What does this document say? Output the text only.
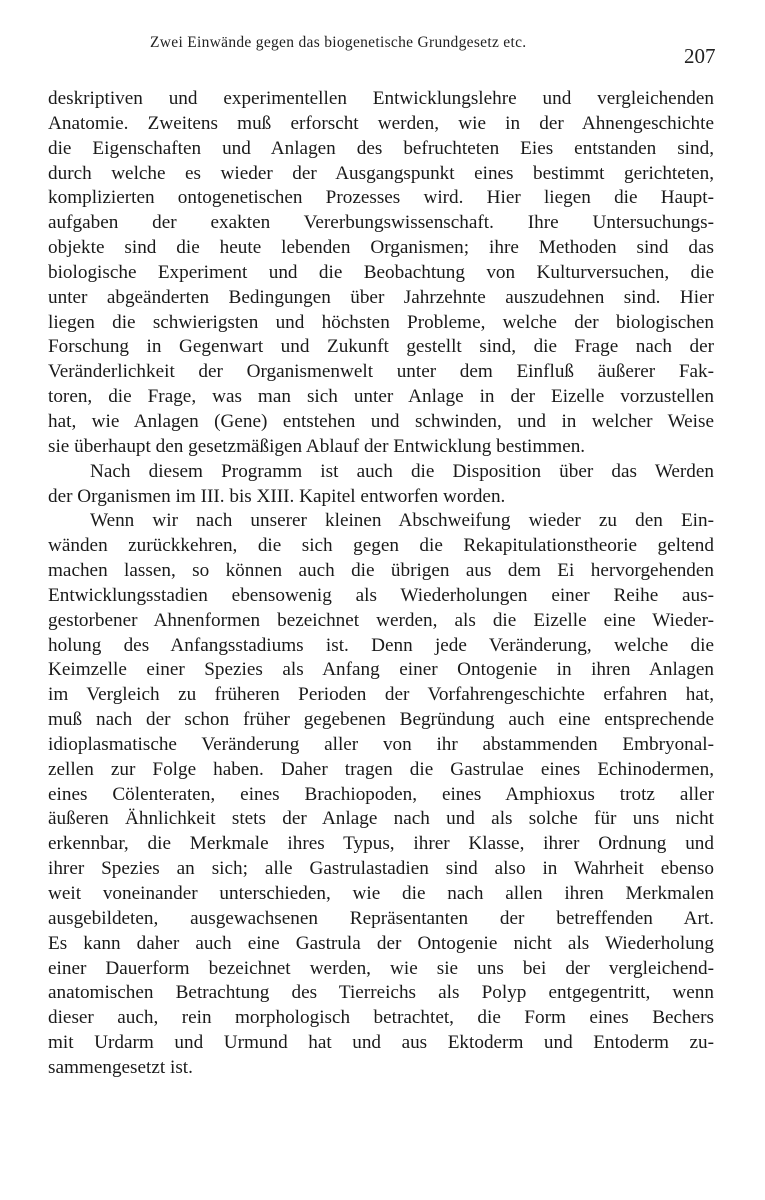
Zwei Einwände gegen das biogenetische Grundgesetz etc.
207
deskriptiven und experimentellen Entwicklungslehre und vergleichenden
Anatomie. Zweitens muß erforscht werden, wie in der Ahnengeschichte
die Eigenschaften und Anlagen des befruchteten Eies entstanden sind,
durch welche es wieder der Ausgangspunkt eines bestimmt gerichteten,
komplizierten ontogenetischen Prozesses wird. Hier liegen die Haupt-
aufgaben der exakten Vererbungswissenschaft. Ihre Untersuchungs-
objekte sind die heute lebenden Organismen; ihre Methoden sind das
biologische Experiment und die Beobachtung von Kulturversuchen, die
unter abgeänderten Bedingungen über Jahrzehnte auszudehnen sind. Hier
liegen die schwierigsten und höchsten Probleme, welche der biologischen
Forschung in Gegenwart und Zukunft gestellt sind, die Frage nach der
Veränderlichkeit der Organismenwelt unter dem Einfluß äußerer Fak-
toren, die Frage, was man sich unter Anlage in der Eizelle vorzustellen
hat, wie Anlagen (Gene) entstehen und schwinden, und in welcher Weise
sie überhaupt den gesetzmäßigen Ablauf der Entwicklung bestimmen.
Nach diesem Programm ist auch die Disposition über das Werden
der Organismen im III. bis XIII. Kapitel entworfen worden.
Wenn wir nach unserer kleinen Abschweifung wieder zu den Ein-
wänden zurückkehren, die sich gegen die Rekapitulationstheorie geltend
machen lassen, so können auch die übrigen aus dem Ei hervorgehenden
Entwicklungsstadien ebensowenig als Wiederholungen einer Reihe aus-
gestorbener Ahnenformen bezeichnet werden, als die Eizelle eine Wieder-
holung des Anfangsstadiums ist. Denn jede Veränderung, welche die
Keimzelle einer Spezies als Anfang einer Ontogenie in ihren Anlagen
im Vergleich zu früheren Perioden der Vorfahrengeschichte erfahren hat,
muß nach der schon früher gegebenen Begründung auch eine entsprechende
idioplasmatische Veränderung aller von ihr abstammenden Embryonal-
zellen zur Folge haben. Daher tragen die Gastrulae eines Echinodermen,
eines Cölenteraten, eines Brachiopoden, eines Amphioxus trotz aller
äußeren Ähnlichkeit stets der Anlage nach und als solche für uns nicht
erkennbar, die Merkmale ihres Typus, ihrer Klasse, ihrer Ordnung und
ihrer Spezies an sich; alle Gastrulastadien sind also in Wahrheit ebenso
weit voneinander unterschieden, wie die nach allen ihren Merkmalen
ausgebildeten, ausgewachsenen Repräsentanten der betreffenden Art.
Es kann daher auch eine Gastrula der Ontogenie nicht als Wiederholung
einer Dauerform bezeichnet werden, wie sie uns bei der vergleichend-
anatomischen Betrachtung des Tierreichs als Polyp entgegentritt, wenn
dieser auch, rein morphologisch betrachtet, die Form eines Bechers
mit Urdarm und Urmund hat und aus Ektoderm und Entoderm zu-
sammengesetzt ist.
